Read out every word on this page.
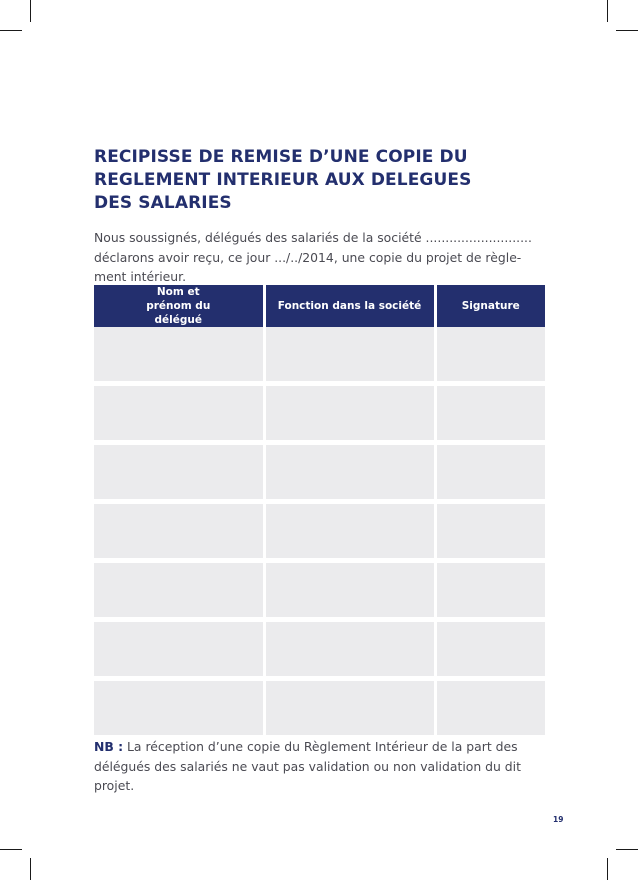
RECIPISSE DE REMISE D’UNE COPIE DU
REGLEMENT INTERIEUR AUX DELEGUES
DES SALARIES

Nous soussignés, délégués des salariés de la société ...........................
déclarons avoir reçu, ce jour .../../2014, une copie du projet de règle-
ment intérieur.

Nom et prénom du délégué	Fonction dans la société	Signature

NB : La réception d’une copie du Règlement Intérieur de la part des
délégués des salariés ne vaut pas validation ou non validation du dit
projet.

19
